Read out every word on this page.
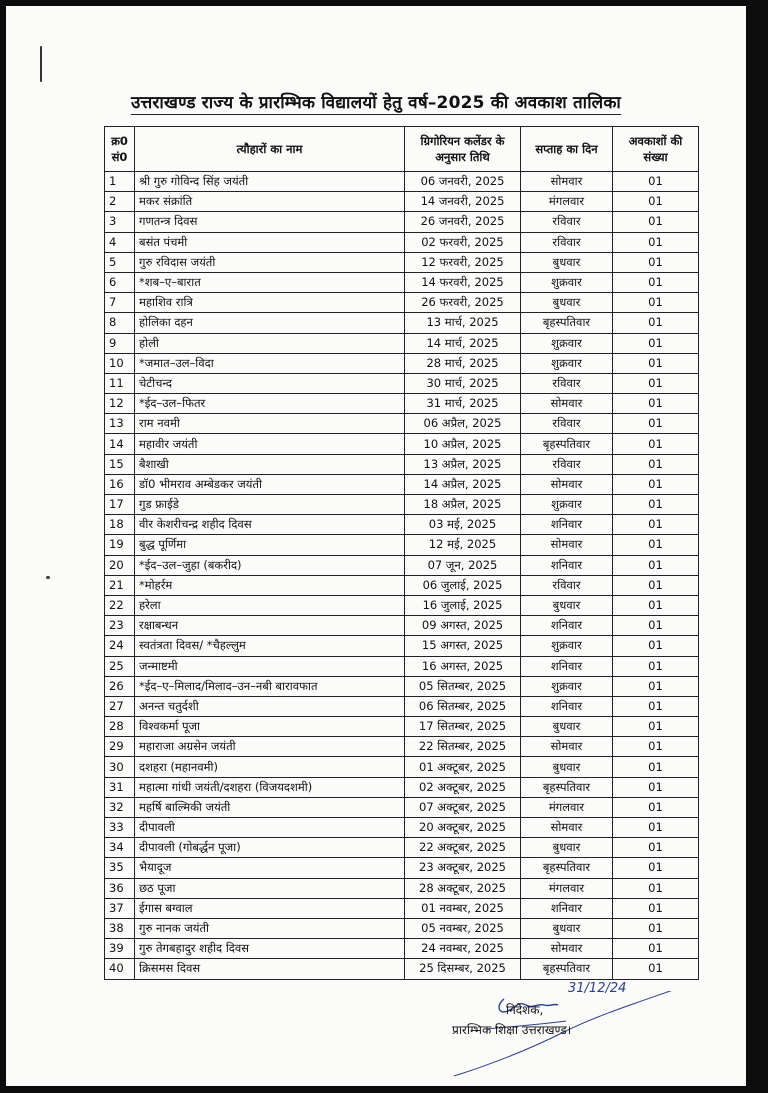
उत्तराखण्ड राज्य के प्रारम्भिक विद्यालयों हेतु वर्ष–2025 की अवकाश तालिका
क्र0 सं0	त्यौहारों का नाम	ग्रिगोरियन कलेंडर के अनुसार तिथि	सप्ताह का दिन	अवकाशों की संख्या
1	श्री गुरु गोविन्द सिंह जयंती	06 जनवरी, 2025	सोमवार	01
2	मकर संक्रांति	14 जनवरी, 2025	मंगलवार	01
3	गणतन्त्र दिवस	26 जनवरी, 2025	रविवार	01
4	बसंत पंचमी	02 फरवरी, 2025	रविवार	01
5	गुरु रविदास जयंती	12 फरवरी, 2025	बुधवार	01
6	*शब–ए–बारात	14 फरवरी, 2025	शुक्रवार	01
7	महाशिव रात्रि	26 फरवरी, 2025	बुधवार	01
8	होलिका दहन	13 मार्च, 2025	बृहस्पतिवार	01
9	होली	14 मार्च, 2025	शुक्रवार	01
10	*जमात–उल–विदा	28 मार्च, 2025	शुक्रवार	01
11	चेटीचन्द	30 मार्च, 2025	रविवार	01
12	*ईद–उल–फितर	31 मार्च, 2025	सोमवार	01
13	राम नवमी	06 अप्रैल, 2025	रविवार	01
14	महावीर जयंती	10 अप्रैल, 2025	बृहस्पतिवार	01
15	बैशाखी	13 अप्रैल, 2025	रविवार	01
16	डॉ0 भीमराव अम्बेडकर जयंती	14 अप्रैल, 2025	सोमवार	01
17	गुड फ्राईडे	18 अप्रैल, 2025	शुक्रवार	01
18	वीर केशरीचन्द्र शहीद दिवस	03 मई, 2025	शनिवार	01
19	बुद्ध पूर्णिमा	12 मई, 2025	सोमवार	01
20	*ईद–उल–जुहा (बकरीद)	07 जून, 2025	शनिवार	01
21	*मोहर्रम	06 जुलाई, 2025	रविवार	01
22	हरेला	16 जुलाई, 2025	बुधवार	01
23	रक्षाबन्धन	09 अगस्त, 2025	शनिवार	01
24	स्वतंत्रता दिवस/ *चैहल्लुम	15 अगस्त, 2025	शुक्रवार	01
25	जन्माष्टमी	16 अगस्त, 2025	शनिवार	01
26	*ईद–ए–मिलाद/मिलाद–उन–नबी बारावफात	05 सितम्बर, 2025	शुक्रवार	01
27	अनन्त चतुर्दशी	06 सितम्बर, 2025	शनिवार	01
28	विश्वकर्मा पूजा	17 सितम्बर, 2025	बुधवार	01
29	महाराजा अग्रसेन जयंती	22 सितम्बर, 2025	सोमवार	01
30	दशहरा (महानवमी)	01 अक्टूबर, 2025	बुधवार	01
31	महात्मा गांधी जयंती/दशहरा (विजयदशमी)	02 अक्टूबर, 2025	बृहस्पतिवार	01
32	महर्षि बाल्मिकी जयंती	07 अक्टूबर, 2025	मंगलवार	01
33	दीपावली	20 अक्टूबर, 2025	सोमवार	01
34	दीपावली (गोबर्द्धन पूजा)	22 अक्टूबर, 2025	बुधवार	01
35	भैयादूज	23 अक्टूबर, 2025	बृहस्पतिवार	01
36	छठ पूजा	28 अक्टूबर, 2025	मंगलवार	01
37	ईगास बग्वाल	01 नवम्बर, 2025	शनिवार	01
38	गुरु नानक जयंती	05 नवम्बर, 2025	बुधवार	01
39	गुरु तेगबहादुर शहीद दिवस	24 नवम्बर, 2025	सोमवार	01
40	क्रिसमस दिवस	25 दिसम्बर, 2025	बृहस्पतिवार	01
31/12/24
निदेशक,
प्रारम्भिक शिक्षा उत्तराखण्ड।
